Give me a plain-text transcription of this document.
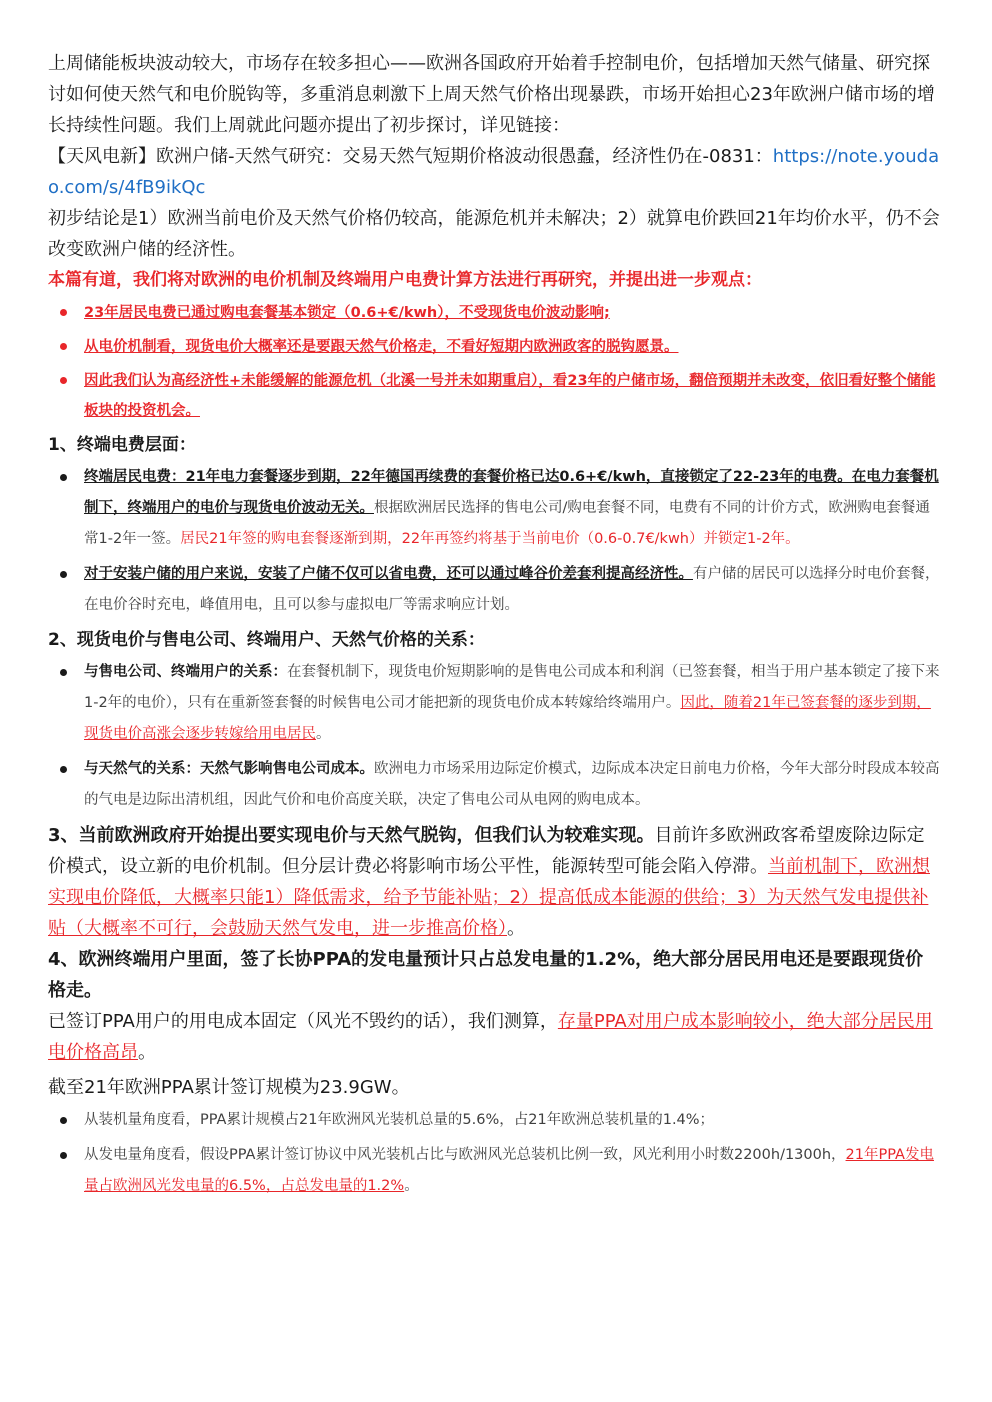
上周储能板块波动较大，市场存在较多担心——欧洲各国政府开始着手控制电价，包括增加天然气储量、研究探讨如何使天然气和电价脱钩等，多重消息刺激下上周天然气价格出现暴跌，市场开始担心23年欧洲户储市场的增长持续性问题。我们上周就此问题亦提出了初步探讨，详见链接：

【天风电新】欧洲户储-天然气研究：交易天然气短期价格波动很愚蠢，经济性仍在-0831：https://note.youdao.com/s/4fB9ikQc

初步结论是1）欧洲当前电价及天然气价格仍较高，能源危机并未解决；2）就算电价跌回21年均价水平，仍不会改变欧洲户储的经济性。

本篇有道，我们将对欧洲的电价机制及终端用户电费计算方法进行再研究，并提出进一步观点：

23年居民电费已通过购电套餐基本锁定（0.6+€/kwh），不受现货电价波动影响;
从电价机制看，现货电价大概率还是要跟天然气价格走，不看好短期内欧洲政客的脱钩愿景。
因此我们认为高经济性+未能缓解的能源危机（北溪一号并未如期重启），看23年的户储市场，翻倍预期并未改变，依旧看好整个储能板块的投资机会。
1、终端电费层面：
终端居民电费：21年电力套餐逐步到期，22年德国再续费的套餐价格已达0.6+€/kwh，直接锁定了22-23年的电费。在电力套餐机制下，终端用户的电价与现货电价波动无关。根据欧洲居民选择的售电公司/购电套餐不同，电费有不同的计价方式，欧洲购电套餐通常1-2年一签。居民21年签的购电套餐逐渐到期，22年再签约将基于当前电价（0.6-0.7€/kwh）并锁定1-2年。
对于安装户储的用户来说，安装了户储不仅可以省电费，还可以通过峰谷价差套利提高经济性。有户储的居民可以选择分时电价套餐，在电价谷时充电，峰值用电，且可以参与虚拟电厂等需求响应计划。
2、现货电价与售电公司、终端用户、天然气价格的关系：
与售电公司、终端用户的关系：在套餐机制下，现货电价短期影响的是售电公司成本和利润（已签套餐，相当于用户基本锁定了接下来1-2年的电价），只有在重新签套餐的时候售电公司才能把新的现货电价成本转嫁给终端用户。因此，随着21年已签套餐的逐步到期，现货电价高涨会逐步转嫁给用电居民。
与天然气的关系：天然气影响售电公司成本。欧洲电力市场采用边际定价模式，边际成本决定日前电力价格，今年大部分时段成本较高的气电是边际出清机组，因此气价和电价高度关联，决定了售电公司从电网的购电成本。

3、当前欧洲政府开始提出要实现电价与天然气脱钩，但我们认为较难实现。目前许多欧洲政客希望废除边际定价模式，设立新的电价机制。但分层计费必将影响市场公平性，能源转型可能会陷入停滞。当前机制下，欧洲想实现电价降低，大概率只能1）降低需求，给予节能补贴；2）提高低成本能源的供给；3）为天然气发电提供补贴（大概率不可行，会鼓励天然气发电，进一步推高价格）。

4、欧洲终端用户里面，签了长协PPA的发电量预计只占总发电量的1.2%，绝大部分居民用电还是要跟现货价格走。

已签订PPA用户的用电成本固定（风光不毁约的话），我们测算，存量PPA对用户成本影响较小，绝大部分居民用电价格高昂。

截至21年欧洲PPA累计签订规模为23.9GW。

从装机量角度看，PPA累计规模占21年欧洲风光装机总量的5.6%，占21年欧洲总装机量的1.4%；
从发电量角度看，假设PPA累计签订协议中风光装机占比与欧洲风光总装机比例一致，风光利用小时数2200h/1300h，21年PPA发电量占欧洲风光发电量的6.5%，占总发电量的1.2%。
